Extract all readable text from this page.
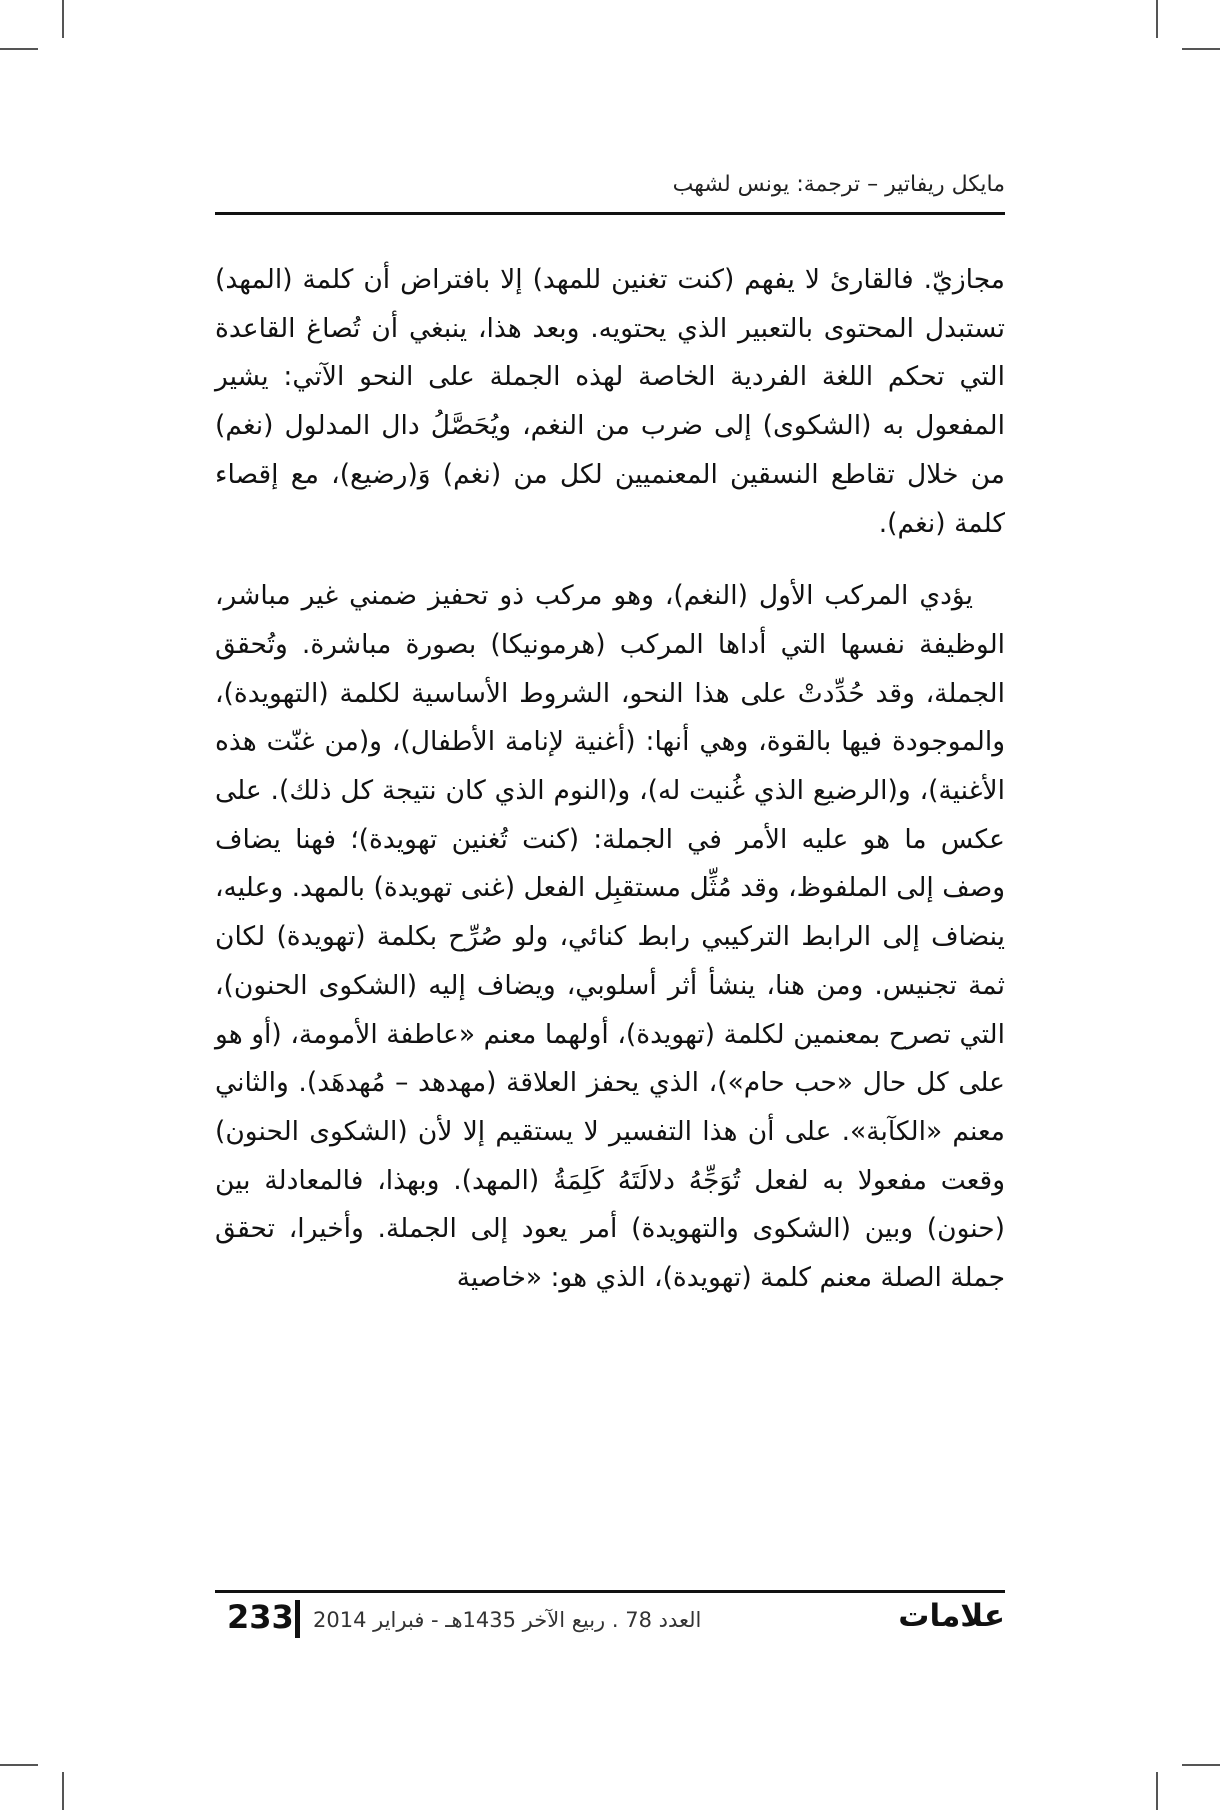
مايكل ريفاتير – ترجمة: يونس لشهب

مجازيّ. فالقارئ لا يفهم (كنت تغنين للمهد) إلا بافتراض أن كلمة (المهد) تستبدل المحتوى بالتعبير الذي يحتويه. وبعد هذا، ينبغي أن تُصاغ القاعدة التي تحكم اللغة الفردية الخاصة لهذه الجملة على النحو الآتي: يشير المفعول به (الشكوى) إلى ضرب من النغم، ويُحَصَّلُ دال المدلول (نغم) من خلال تقاطع النسقين المعنميين لكل من (نغم) وَ(رضيع)، مع إقصاء كلمة (نغم).

يؤدي المركب الأول (النغم)، وهو مركب ذو تحفيز ضمني غير مباشر، الوظيفة نفسها التي أداها المركب (هرمونيكا) بصورة مباشرة. وتُحقق الجملة، وقد حُدِّدتْ على هذا النحو، الشروط الأساسية لكلمة (التهويدة)، والموجودة فيها بالقوة، وهي أنها: (أغنية لإنامة الأطفال)، و(من غنّت هذه الأغنية)، و(الرضيع الذي غُنيت له)، و(النوم الذي كان نتيجة كل ذلك). على عكس ما هو عليه الأمر في الجملة: (كنت تُغنين تهويدة)؛ فهنا يضاف وصف إلى الملفوظ، وقد مُثِّل مستقبِل الفعل (غنى تهويدة) بالمهد. وعليه، ينضاف إلى الرابط التركيبي رابط كنائي، ولو صُرِّح بكلمة (تهويدة) لكان ثمة تجنيس. ومن هنا، ينشأ أثر أسلوبي، ويضاف إليه (الشكوى الحنون)، التي تصرح بمعنمين لكلمة (تهويدة)، أولهما معنم «عاطفة الأمومة، (أو هو على كل حال «حب حام»)، الذي يحفز العلاقة (مهدهد – مُهدهَد). والثاني معنم «الكآبة». على أن هذا التفسير لا يستقيم إلا لأن (الشكوى الحنون) وقعت مفعولا به لفعل تُوَجِّهُ دلالَتَهُ كَلِمَةُ (المهد). وبهذا، فالمعادلة بين (حنون) وبين (الشكوى والتهويدة) أمر يعود إلى الجملة. وأخيرا، تحقق جملة الصلة معنم كلمة (تهويدة)، الذي هو: «خاصية

233 العدد 78 . ربيع الآخر 1435هـ - فبراير 2014	علامات
